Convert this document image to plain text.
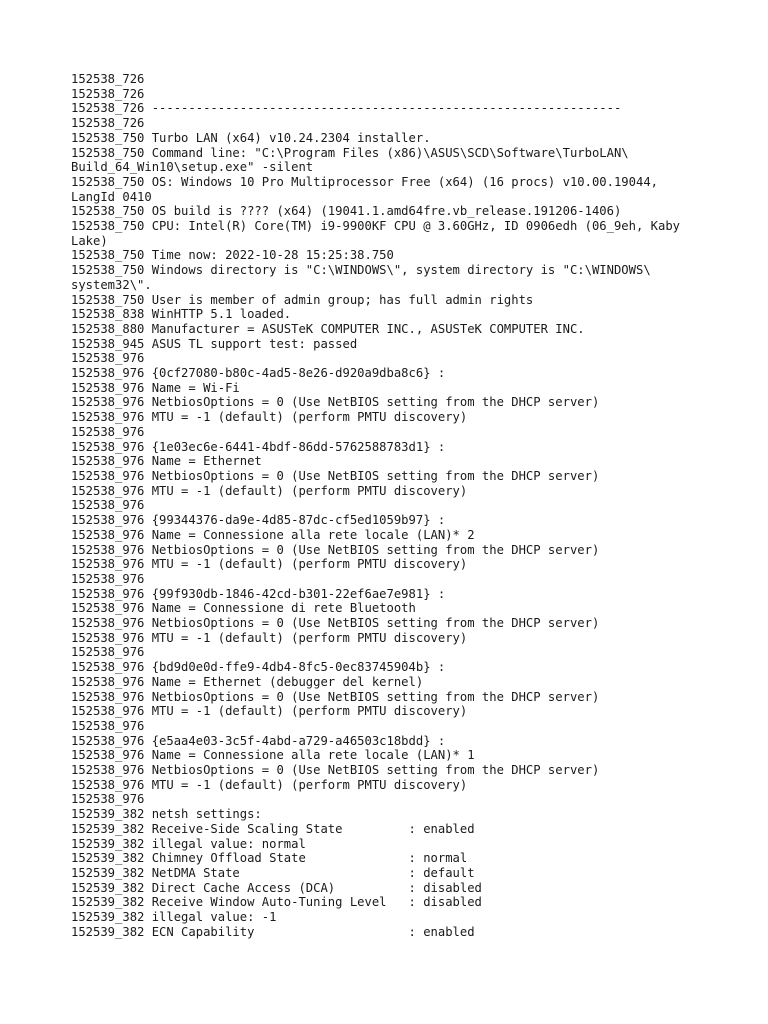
152538_726
152538_726
152538_726 ----------------------------------------------------------------
152538_726
152538_750 Turbo LAN (x64) v10.24.2304 installer.
152538_750 Command line: "C:\Program Files (x86)\ASUS\SCD\Software\TurboLAN\
Build_64_Win10\setup.exe" -silent
152538_750 OS: Windows 10 Pro Multiprocessor Free (x64) (16 procs) v10.00.19044,
LangId 0410
152538_750 OS build is ???? (x64) (19041.1.amd64fre.vb_release.191206-1406)
152538_750 CPU: Intel(R) Core(TM) i9-9900KF CPU @ 3.60GHz, ID 0906edh (06_9eh, Kaby
Lake)
152538_750 Time now: 2022-10-28 15:25:38.750
152538_750 Windows directory is "C:\WINDOWS\", system directory is "C:\WINDOWS\
system32\".
152538_750 User is member of admin group; has full admin rights
152538_838 WinHTTP 5.1 loaded.
152538_880 Manufacturer = ASUSTeK COMPUTER INC., ASUSTeK COMPUTER INC.
152538_945 ASUS TL support test: passed
152538_976
152538_976 {0cf27080-b80c-4ad5-8e26-d920a9dba8c6} :
152538_976 Name = Wi-Fi
152538_976 NetbiosOptions = 0 (Use NetBIOS setting from the DHCP server)
152538_976 MTU = -1 (default) (perform PMTU discovery)
152538_976
152538_976 {1e03ec6e-6441-4bdf-86dd-5762588783d1} :
152538_976 Name = Ethernet
152538_976 NetbiosOptions = 0 (Use NetBIOS setting from the DHCP server)
152538_976 MTU = -1 (default) (perform PMTU discovery)
152538_976
152538_976 {99344376-da9e-4d85-87dc-cf5ed1059b97} :
152538_976 Name = Connessione alla rete locale (LAN)* 2
152538_976 NetbiosOptions = 0 (Use NetBIOS setting from the DHCP server)
152538_976 MTU = -1 (default) (perform PMTU discovery)
152538_976
152538_976 {99f930db-1846-42cd-b301-22ef6ae7e981} :
152538_976 Name = Connessione di rete Bluetooth
152538_976 NetbiosOptions = 0 (Use NetBIOS setting from the DHCP server)
152538_976 MTU = -1 (default) (perform PMTU discovery)
152538_976
152538_976 {bd9d0e0d-ffe9-4db4-8fc5-0ec83745904b} :
152538_976 Name = Ethernet (debugger del kernel)
152538_976 NetbiosOptions = 0 (Use NetBIOS setting from the DHCP server)
152538_976 MTU = -1 (default) (perform PMTU discovery)
152538_976
152538_976 {e5aa4e03-3c5f-4abd-a729-a46503c18bdd} :
152538_976 Name = Connessione alla rete locale (LAN)* 1
152538_976 NetbiosOptions = 0 (Use NetBIOS setting from the DHCP server)
152538_976 MTU = -1 (default) (perform PMTU discovery)
152538_976
152539_382 netsh settings:
152539_382 Receive-Side Scaling State         : enabled
152539_382 illegal value: normal
152539_382 Chimney Offload State              : normal
152539_382 NetDMA State                       : default
152539_382 Direct Cache Access (DCA)          : disabled
152539_382 Receive Window Auto-Tuning Level   : disabled
152539_382 illegal value: -1
152539_382 ECN Capability                     : enabled
